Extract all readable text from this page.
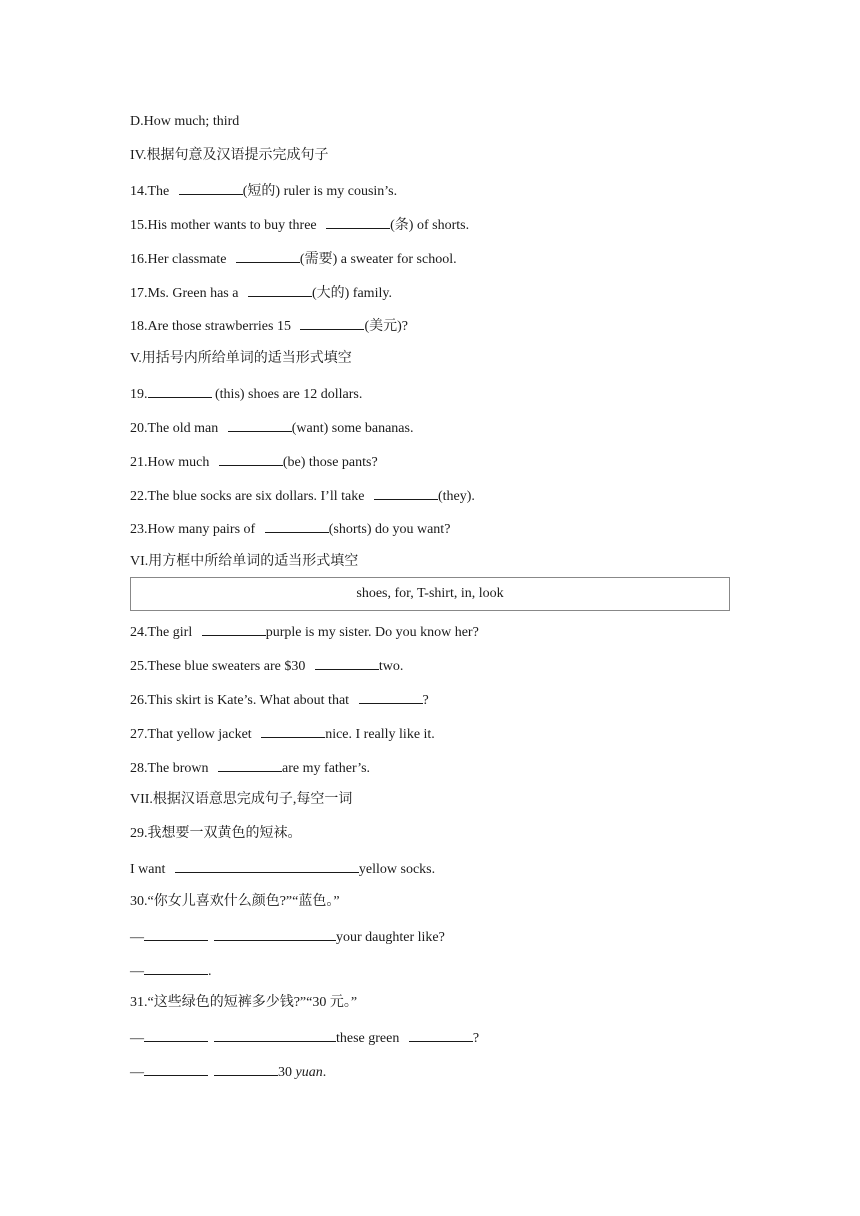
D.How much; third
IV.根据句意及汉语提示完成句子
14.The	(短的) ruler is my cousin’s.
15.His mother wants to buy three	(条) of shorts.
16.Her classmate	(需要) a sweater for school.
17.Ms. Green has a	(大的) family.
18.Are those strawberries 15	(美元)?
V.用括号内所给单词的适当形式填空
19.	(this) shoes are 12 dollars.
20.The old man	(want) some bananas.
21.How much	(be) those pants?
22.The blue socks are six dollars. I’ll take	(they).
23.How many pairs of	(shorts) do you want?
VI.用方框中所给单词的适当形式填空
shoes, for, T-shirt, in, look
24.The girl	purple is my sister. Do you know her?
25.These blue sweaters are $30	two.
26.This skirt is Kate’s. What about that	?
27.That yellow jacket	nice. I really like it.
28.The brown	are my father’s.
VII.根据汉语意思完成句子,每空一词
29.我想要一双黄色的短袜。
I want	yellow socks.
30.“你女儿喜欢什么颜色?”“蓝色。”
—	your daughter like?
—	.
31.“这些绿色的短裤多少钱?”“30 元。”
—	these green	?
—	30 yuan.
